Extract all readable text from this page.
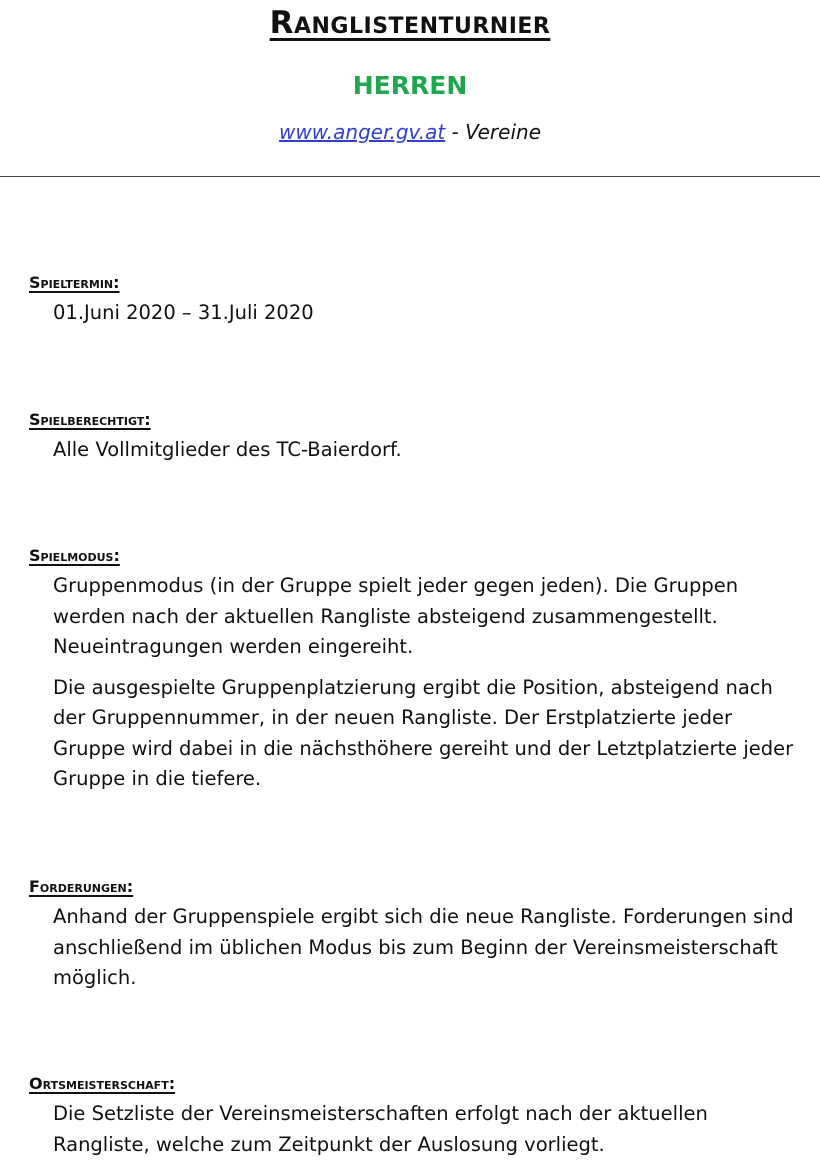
Ranglistenturnier
HERREN
www.anger.gv.at - Vereine
Spieltermin:
01.Juni 2020 – 31.Juli 2020
Spielberechtigt:
Alle Vollmitglieder des TC-Baierdorf.
Spielmodus:
Gruppenmodus (in der Gruppe spielt jeder gegen jeden). Die Gruppen werden nach der aktuellen Rangliste absteigend zusammengestellt. Neueintragungen werden eingereiht.
Die ausgespielte Gruppenplatzierung ergibt die Position, absteigend nach der Gruppennummer, in der neuen Rangliste. Der Erstplatzierte jeder Gruppe wird dabei in die nächsthöhere gereiht und der Letztplatzierte jeder Gruppe in die tiefere.
Forderungen:
Anhand der Gruppenspiele ergibt sich die neue Rangliste. Forderungen sind anschließend im üblichen Modus bis zum Beginn der Vereinsmeisterschaft möglich.
Ortsmeisterschaft:
Die Setzliste der Vereinsmeisterschaften erfolgt nach der aktuellen Rangliste, welche zum Zeitpunkt der Auslosung vorliegt.
